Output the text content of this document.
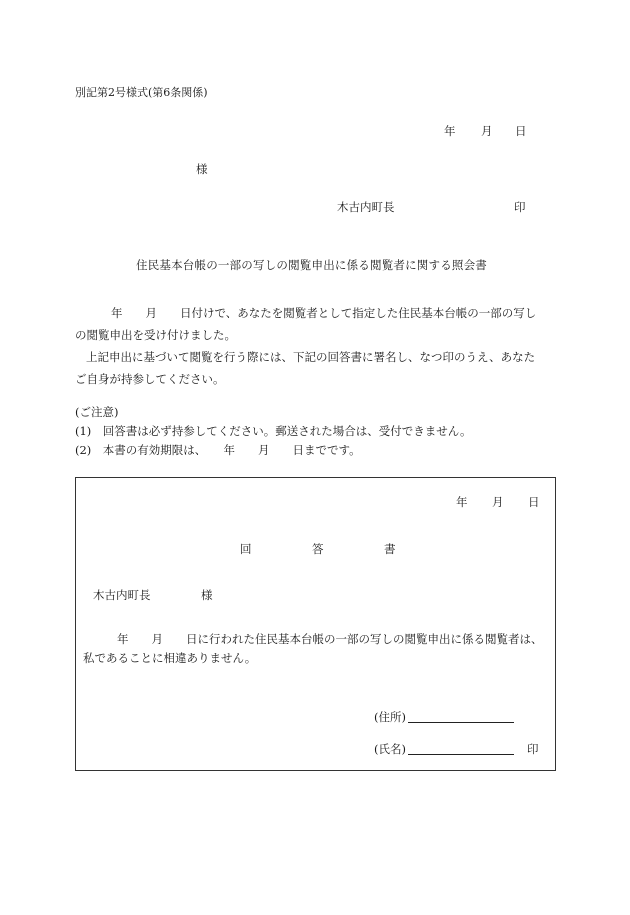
別記第2号様式(第6条関係)
年 月 日
様
木古内町長	印
住民基本台帳の一部の写しの閲覧申出に係る閲覧者に関する照会書

年　　月　　日付けで、あなたを閲覧者として指定した住民基本台帳の一部の写し

の閲覧申出を受け付けました。

上記申出に基づいて閲覧を行う際には、下記の回答書に署名し、なつ印のうえ、あなた

ご自身が持参してください。

(ご注意)

(1)　回答書は必ず持参してください。郵送された場合は、受付できません。

(2)　本書の有効期限は、　　年　　月　　日までです。

年 月 日
回	答	書
木古内町長	様
年　　月　　日に行われた住民基本台帳の一部の写しの閲覧申出に係る閲覧者は、
私であることに相違ありません。
(住所)
(氏名)	印
